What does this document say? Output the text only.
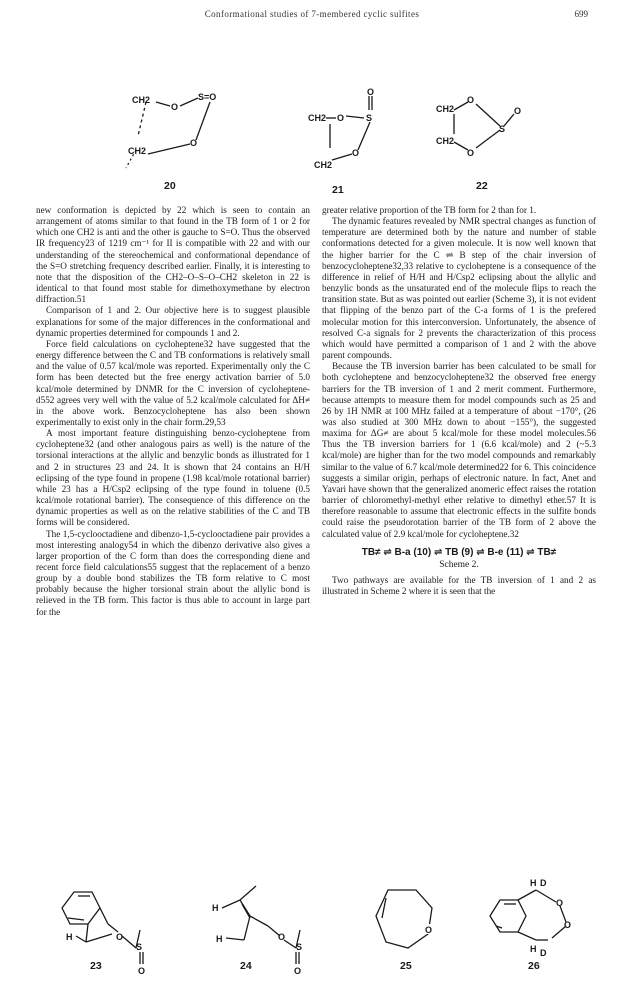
Conformational studies of 7-membered cyclic sulfites	699
CH2	S=O
O
CH2
O
20
O
CH2 O S
CH2
O
21
CH2
O
CH2
O
S
O
22

new conformation is depicted by 22 which is seen to contain an arrangement of atoms similar to that found in the TB form of 1 or 2 for which one CH2 is anti and the other is gauche to S=O. Thus the observed IR frequency23 of 1219 cm⁻¹ for II is compatible with 22 and with our understanding of the stereochemical and conformational dependance of the S=O stretching frequency described earlier. Finally, it is interesting to note that the disposition of the CH2–O–S–O–CH2 skeleton in 22 is identical to that found most stable for dimethoxymethane by electron diffraction.51

Comparison of 1 and 2. Our objective here is to suggest plausible explanations for some of the major differences in the conformational and dynamic properties determined for compounds 1 and 2.

Force field calculations on cycloheptene32 have suggested that the energy difference between the C and TB conformations is relatively small and the value of 0.57 kcal/mole was reported. Experimentally only the C form has been detected but the free energy activation barrier of 5.0 kcal/mole determined by DNMR for the C inversion of cycloheptene-d552 agrees very well with the value of 5.2 kcal/mole calculated for ΔH≠ in the above work. Benzocycloheptene has also been shown experimentally to exist only in the chair form.29,53

A most important feature distinguishing benzo-cycloheptene from cycloheptene32 (and other analogous pairs as well) is the nature of the torsional interactions at the allylic and benzylic bonds as illustrated for 1 and 2 in structures 23 and 24. It is shown that 24 contains an H/H eclipsing of the type found in propene (1.98 kcal/mole rotational barrier) while 23 has a H/Csp2 eclipsing of the type found in toluene (0.5 kcal/mole rotational barrier). The consequence of this difference on the dynamic properties as well as on the relative stabilities of the C and TB forms will be considered.

The 1,5-cyclooctadiene and dibenzo-1,5-cyclooctadiene pair provides a most interesting analogy54 in which the dibenzo derivative also gives a larger proportion of the C form than does the corresponding diene and recent force field calculations55 suggest that the replacement of a benzo group by a double bond stabilizes the TB form relative to C most probably because the higher torsional strain about the allylic bond is relieved in the TB form. This factor is thus able to account in large part for the

greater relative proportion of the TB form for 2 than for 1.

The dynamic features revealed by NMR spectral changes as function of temperature are determined both by the nature and number of stable conformations detected for a given molecule. It is now well known that the higher barrier for the C ⇌ B step of the chair inversion of benzocycloheptene32,33 relative to cycloheptene is a consequence of the difference in relief of H/H and H/Csp2 eclipsing about the allylic and benzylic bonds as the unsaturated end of the molecule flips to reach the transition state. But as was pointed out earlier (Scheme 3), it is not evident that flipping of the benzo part of the C-a forms of 1 is the prefered molecular motion for this interconversion. Unfortunately, the absence of resolved C-a signals for 2 prevents the characterization of this process which would have permitted a comparison of 1 and 2 with the above parent compounds.

Because the TB inversion barrier has been calculated to be small for both cycloheptene and benzocycloheptene32 the observed free energy barriers for the TB inversion of 1 and 2 merit comment. Furthermore, because attempts to measure them for model compounds such as 25 and 26 by 1H NMR at 100 MHz failed at a temperature of about −170°, (26 was also studied at 300 MHz down to about −155°), the suggested maxima for ΔG≠ are about 5 kcal/mole for these model molecules.56 Thus the TB inversion barriers for 1 (6.6 kcal/mole) and 2 (~5.3 kcal/mole) are higher than for the two model compounds and remarkably similar to the value of 6.7 kcal/mole determined22 for 6. This coincidence suggests a similar origin, perhaps of electronic nature. In fact, Anet and Yavari have shown that the generalized anomeric effect raises the rotation barrier of chloromethyl-methyl ether relative to dimethyl ether.57 It is therefore reasonable to assume that electronic effects in the sulfite bonds could raise the pseudorotation barrier of the TB form of 2 above the calculated value of 2.9 kcal/mole for cycloheptene.32

TB≠ ⇌ B-a (10) ⇌ TB (9) ⇌ B-e (11) ⇌ TB≠
Scheme 2.

Two pathways are available for the TB inversion of 1 and 2 as illustrated in Scheme 2 where it is seen that the

H	O
S
O
23
H
H	O
S
O
24
O
25
H D
O
O
H D
26
